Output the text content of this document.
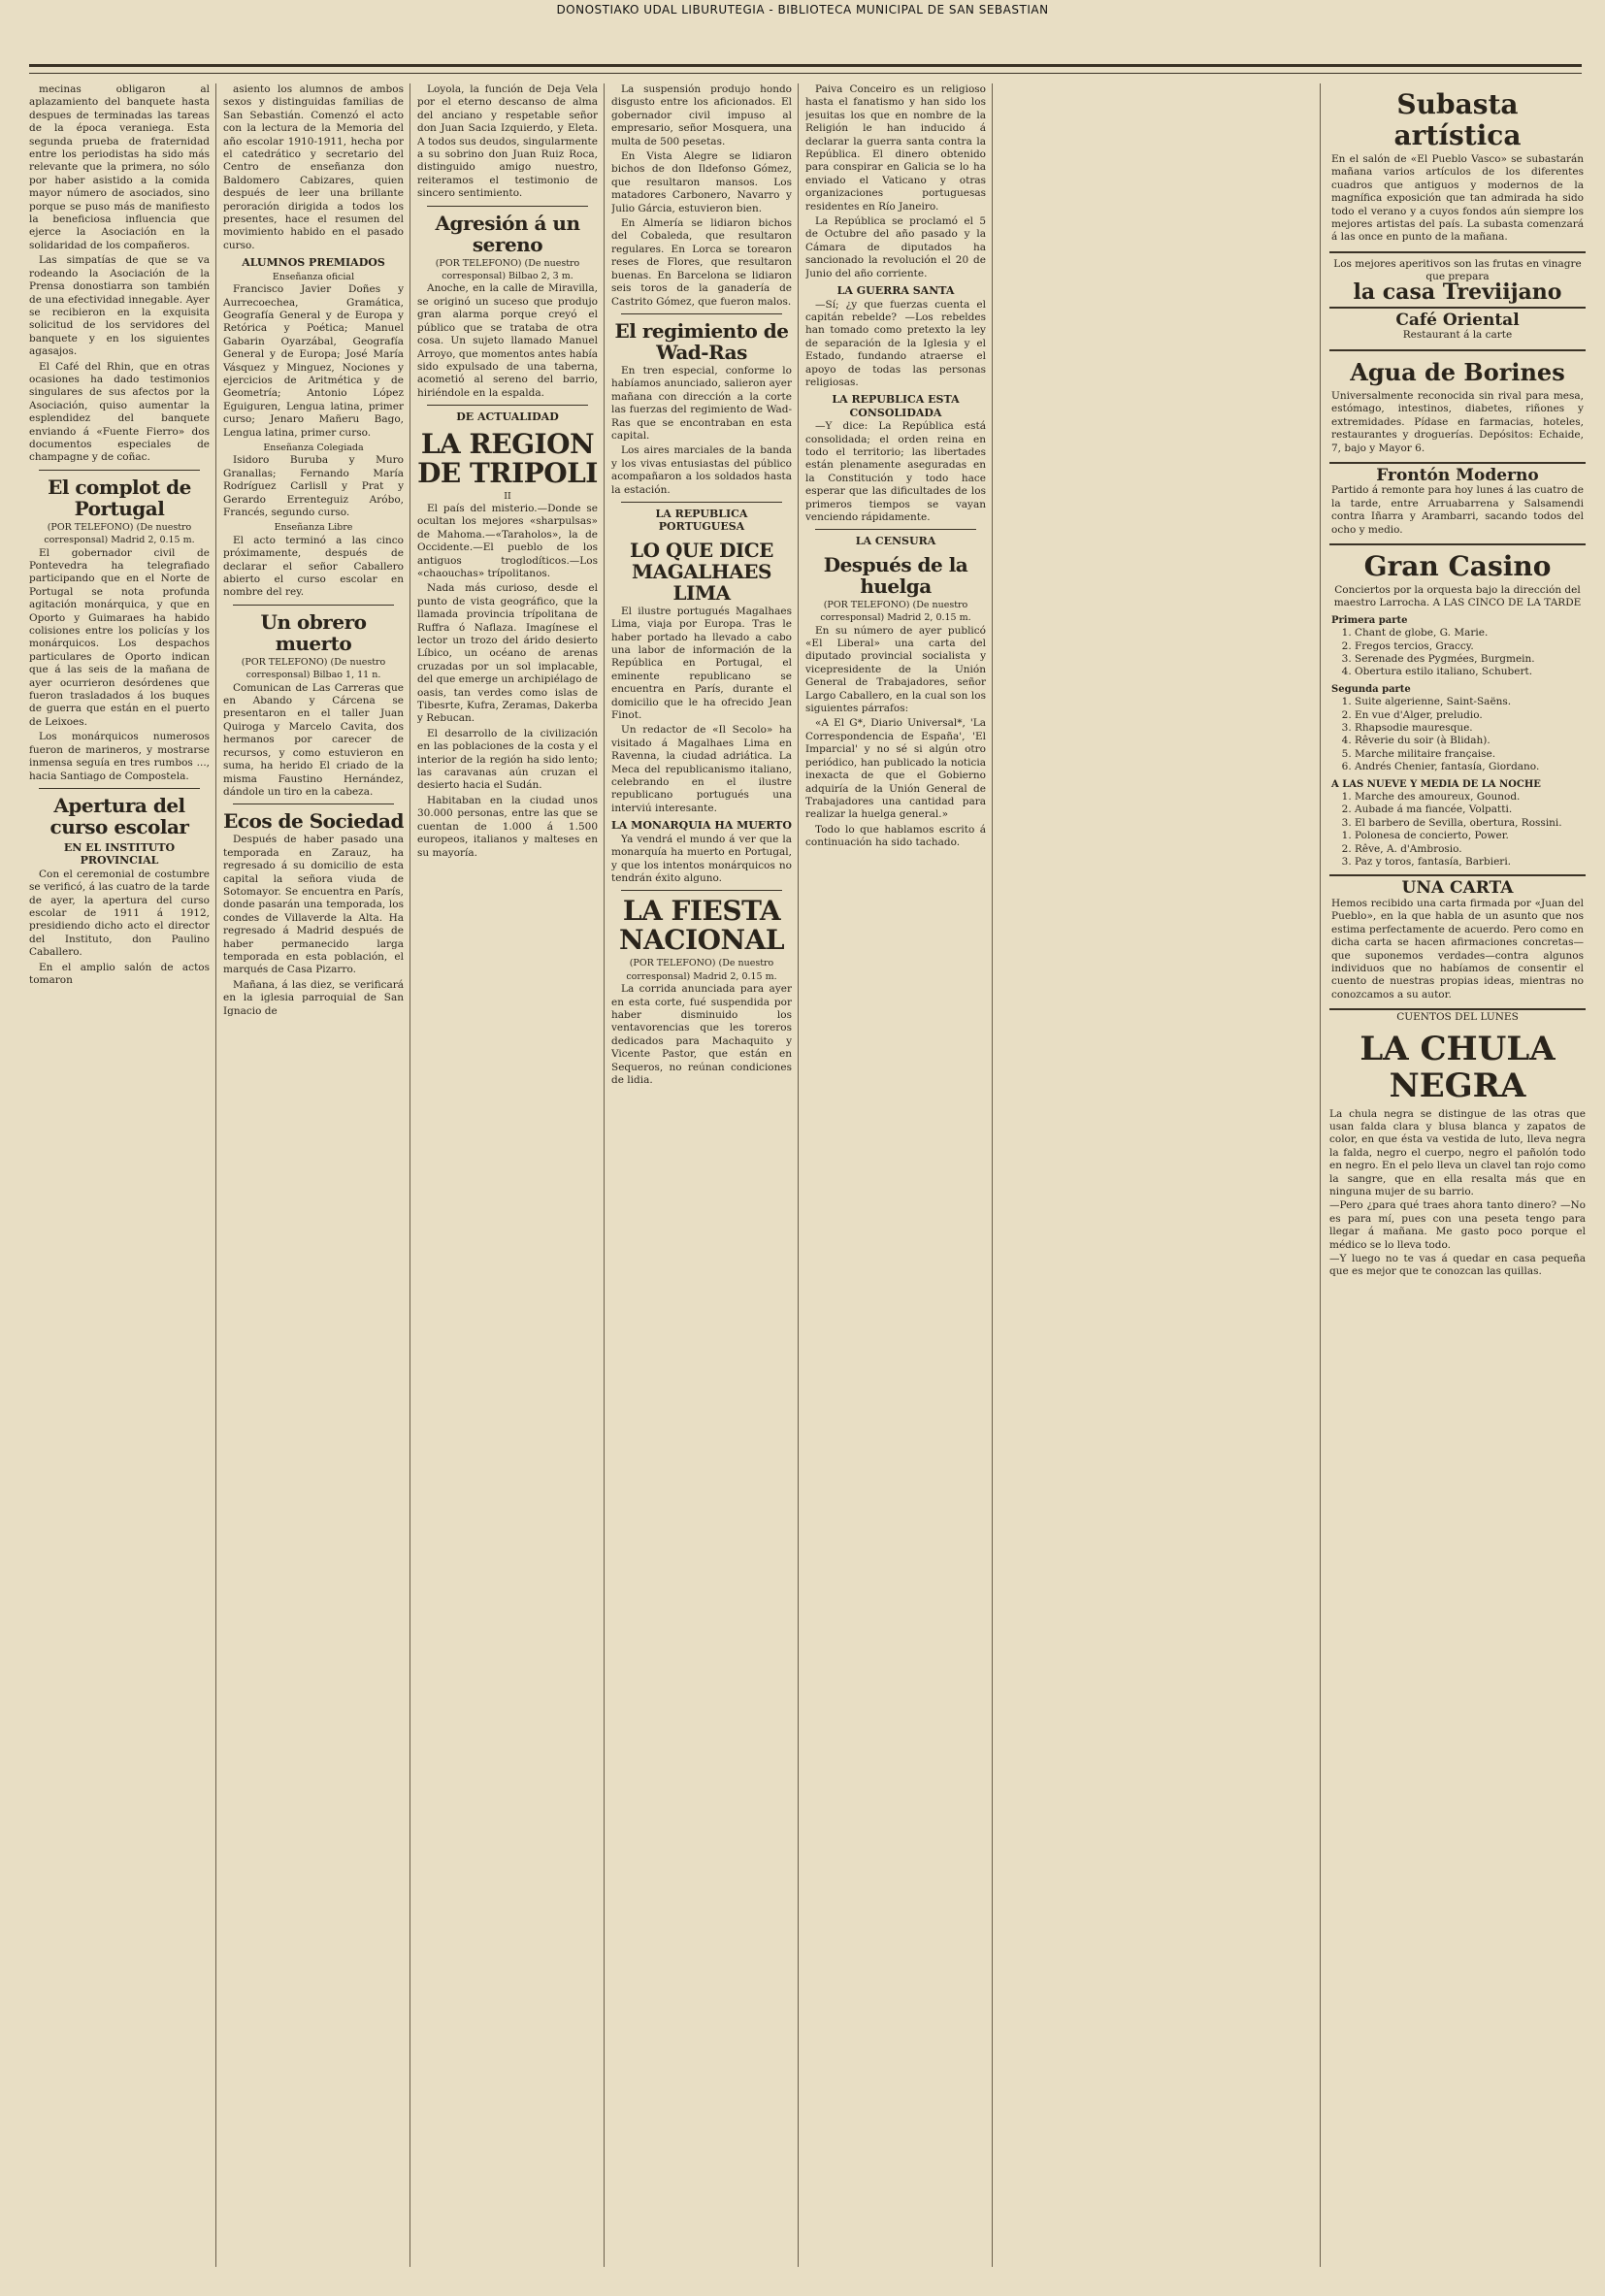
DONOSTIAKO UDAL LIBURUTEGIA - BIBLIOTECA MUNICIPAL DE SAN SEBASTIAN

mecinas obligaron al aplazamiento del banquete hasta despues de terminadas las tareas de la época veraniega. Esta segunda prueba de fraternidad entre los periodistas ha sido más relevante que la primera, no sólo por haber asistido a la comida mayor número de asociados, sino porque se puso más de manifiesto la beneficiosa influencia que ejerce la Asociación en la solidaridad de los compañeros.

Las simpatías de que se va rodeando la Asociación de la Prensa donostiarra son también de una efectividad innegable. Ayer se recibieron en la exquisita solicitud de los servidores del banquete y en los siguientes agasajos.

El Café del Rhin, que en otras ocasiones ha dado testimonios singulares de sus afectos por la Asociación, quiso aumentar la esplendidez del banquete enviando á «Fuente Fierro» dos documentos especiales de champagne y de coñac.

El complot de Portugal

(POR TELEFONO) (De nuestro corresponsal) Madrid 2, 0.15 m.

El gobernador civil de Pontevedra ha telegrafiado participando que en el Norte de Portugal se nota profunda agitación monárquica, y que en Oporto y Guimaraes ha habido colisiones entre los policías y los monárquicos. Los despachos particulares de Oporto indican que á las seis de la mañana de ayer ocurrieron desórdenes que fueron trasladados á los buques de guerra que están en el puerto de Leixoes.

Los monárquicos numerosos fueron de marineros, y mostrarse inmensa seguía en tres rumbos ..., hacia Santiago de Compostela.

Apertura del curso escolar
EN EL INSTITUTO PROVINCIAL

Con el ceremonial de costumbre se verificó, á las cuatro de la tarde de ayer, la apertura del curso escolar de 1911 á 1912, presidiendo dicho acto el director del Instituto, don Paulino Caballero.

En el amplio salón de actos tomaron

asiento los alumnos de ambos sexos y distinguidas familias de San Sebastián. Comenzó el acto con la lectura de la Memoria del año escolar 1910-1911, hecha por el catedrático y secretario del Centro de enseñanza don Baldomero Cabizares, quien después de leer una brillante peroración dirigida a todos los presentes, hace el resumen del movimiento habido en el pasado curso.

ALUMNOS PREMIADOS

Enseñanza oficial

Francisco Javier Doñes y Aurrecoechea, Gramática, Geografía General y de Europa y Retórica y Poética; Manuel Gabarin Oyarzábal, Geografía General y de Europa; José María Vásquez y Minguez, Nociones y ejercicios de Aritmética y de Geometría; Antonio López Eguiguren, Lengua latina, primer curso; Jenaro Mañeru Bago, Lengua latina, primer curso.

Enseñanza Colegiada

Isidoro Buruba y Muro Granallas; Fernando María Rodríguez Carlisll y Prat y Gerardo Errenteguiz Aróbo, Francés, segundo curso.

Enseñanza Libre

El acto terminó a las cinco próximamente, después de declarar el señor Caballero abierto el curso escolar en nombre del rey.

Un obrero muerto

(POR TELEFONO) (De nuestro corresponsal) Bilbao 1, 11 n.

Comunican de Las Carreras que en Abando y Cárcena se presentaron en el taller Juan Quiroga y Marcelo Cavita, dos hermanos por carecer de recursos, y como estuvieron en suma, ha herido El criado de la misma Faustino Hernández, dándole un tiro en la cabeza.

Ecos de Sociedad

Después de haber pasado una temporada en Zarauz, ha regresado á su domicilio de esta capital la señora viuda de Sotomayor. Se encuentra en París, donde pasarán una temporada, los condes de Villaverde la Alta. Ha regresado á Madrid después de haber permanecido larga temporada en esta población, el marqués de Casa Pizarro.

Mañana, á las diez, se verificará en la iglesia parroquial de San Ignacio de

Loyola, la función de Deja Vela por el eterno descanso de alma del anciano y respetable señor don Juan Sacia Izquierdo, y Eleta. A todos sus deudos, singularmente a su sobrino don Juan Ruiz Roca, distinguido amigo nuestro, reiteramos el testimonio de sincero sentimiento.

Agresión á un sereno

(POR TELEFONO) (De nuestro corresponsal) Bilbao 2, 3 m.

Anoche, en la calle de Miravilla, se originó un suceso que produjo gran alarma porque creyó el público que se trataba de otra cosa. Un sujeto llamado Manuel Arroyo, que momentos antes había sido expulsado de una taberna, acometió al sereno del barrio, hiriéndole en la espalda.

DE ACTUALIDAD
LA REGION DE TRIPOLI

II

El país del misterio.—Donde se ocultan los mejores «sharpulsas» de Mahoma.—«Taraholos», la de Occidente.—El pueblo de los antiguos troglodíticos.—Los «chaouchas» trípolitanos.

Nada más curioso, desde el punto de vista geográfico, que la llamada provincia trípolitana de Ruffra ó Naflaza. Imagínese el lector un trozo del árido desierto Líbico, un océano de arenas cruzadas por un sol implacable, del que emerge un archipiélago de oasis, tan verdes como islas de Tibesrte, Kufra, Zeramas, Dakerba y Rebucan.

El desarrollo de la civilización en las poblaciones de la costa y el interior de la región ha sido lento; las caravanas aún cruzan el desierto hacia el Sudán.

Habitaban en la ciudad unos 30.000 personas, entre las que se cuentan de 1.000 á 1.500 europeos, italianos y malteses en su mayoría.

La suspensión produjo hondo disgusto entre los aficionados. El gobernador civil impuso al empresario, señor Mosquera, una multa de 500 pesetas.

En Vista Alegre se lidiaron bichos de don Ildefonso Gómez, que resultaron mansos. Los matadores Carbonero, Navarro y Julio Gárcia, estuvieron bien.

En Almería se lidiaron bichos del Cobaleda, que resultaron regulares. En Lorca se torearon reses de Flores, que resultaron buenas. En Barcelona se lidiaron seis toros de la ganadería de Castrito Gómez, que fueron malos.

El regimiento de Wad-Ras

En tren especial, conforme lo habíamos anunciado, salieron ayer mañana con dirección a la corte las fuerzas del regimiento de Wad-Ras que se encontraban en esta capital.

Los aires marciales de la banda y los vivas entusiastas del público acompañaron a los soldados hasta la estación.

LA REPUBLICA PORTUGUESA
LO QUE DICE MAGALHAES LIMA

El ilustre portugués Magalhaes Lima, viaja por Europa. Tras le haber portado ha llevado a cabo una labor de información de la República en Portugal, el eminente republicano se encuentra en París, durante el domicilio que le ha ofrecido Jean Finot.

Un redactor de «Il Secolo» ha visitado á Magalhaes Lima en Ravenna, la ciudad adriática. La Meca del republicanismo italiano, celebrando en el ilustre republicano portugués una interviú interesante.

LA MONARQUIA HA MUERTO

Ya vendrá el mundo á ver que la monarquía ha muerto en Portugal, y que los intentos monárquicos no tendrán éxito alguno.

LA FIESTA NACIONAL

(POR TELEFONO) (De nuestro corresponsal) Madrid 2, 0.15 m.

La corrida anunciada para ayer en esta corte, fué suspendida por haber disminuido los ventavorencias que les toreros dedicados para Machaquito y Vicente Pastor, que están en Sequeros, no reúnan condiciones de lidia.

Paiva Conceiro es un religioso hasta el fanatismo y han sido los jesuitas los que en nombre de la Religión le han inducido á declarar la guerra santa contra la República. El dinero obtenido para conspirar en Galicia se lo ha enviado el Vaticano y otras organizaciones portuguesas residentes en Río Janeiro.

La República se proclamó el 5 de Octubre del año pasado y la Cámara de diputados ha sancionado la revolución el 20 de Junio del año corriente.

LA GUERRA SANTA

—Sí; ¿y que fuerzas cuenta el capitán rebelde? —Los rebeldes han tomado como pretexto la ley de separación de la Iglesia y el Estado, fundando atraerse el apoyo de todas las personas religiosas.

LA REPUBLICA ESTA CONSOLIDADA

—Y dice: La República está consolidada; el orden reina en todo el territorio; las libertades están plenamente aseguradas en la Constitución y todo hace esperar que las dificultades de los primeros tiempos se vayan venciendo rápidamente.

LA CENSURA
Después de la huelga

(POR TELEFONO) (De nuestro corresponsal) Madrid 2, 0.15 m.

En su número de ayer publicó «El Liberal» una carta del diputado provincial socialista y vicepresidente de la Unión General de Trabajadores, señor Largo Caballero, en la cual son los siguientes párrafos:

«A El G*, Diario Universal*, 'La Correspondencia de España', 'El Imparcial' y no sé si algún otro periódico, han publicado la noticia inexacta de que el Gobierno adquiría de la Unión General de Trabajadores una cantidad para realizar la huelga general.»

Todo lo que hablamos escrito á continuación ha sido tachado.

Subasta artística

En el salón de «El Pueblo Vasco» se subastarán mañana varios artículos de los diferentes cuadros que antiguos y modernos de la magnífica exposición que tan admirada ha sido todo el verano y a cuyos fondos aún siempre los mejores artistas del país. La subasta comenzará á las once en punto de la mañana.

Los mejores aperitivos son las frutas en vinagre que prepara

la casa Treviijano
Café Oriental

Restaurant á la carte

Agua de Borines

Universalmente reconocida sin rival para mesa, estómago, intestinos, diabetes, riñones y extremidades. Pídase en farmacias, hoteles, restaurantes y droguerías. Depósitos: Echaide, 7, bajo y Mayor 6.

Frontón Moderno

Partido á remonte para hoy lunes á las cuatro de la tarde, entre Arruabarrena y Salsamendi contra Iñarra y Arambarri, sacando todos del ocho y medio.

Gran Casino

Conciertos por la orquesta bajo la dirección del maestro Larrocha. A LAS CINCO DE LA TARDE

Primera parte
1. Chant de globe, G. Marie.
2. Fregos tercios, Graccy.
3. Serenade des Pygmées, Burgmein.
4. Obertura estilo italiano, Schubert.
Segunda parte
1. Suite algerienne, Saint-Saëns.
2. En vue d'Alger, preludio.
3. Rhapsodie mauresque.
4. Rêverie du soir (à Blidah).
5. Marche militaire française.
6. Andrés Chenier, fantasía, Giordano.
A LAS NUEVE Y MEDIA DE LA NOCHE
1. Marche des amoureux, Gounod.
2. Aubade á ma fiancée, Volpatti.
3. El barbero de Sevilla, obertura, Rossini.
1. Polonesa de concierto, Power.
2. Rêve, A. d'Ambrosio.
3. Paz y toros, fantasía, Barbieri.
UNA CARTA

Hemos recibido una carta firmada por «Juan del Pueblo», en la que habla de un asunto que nos estima perfectamente de acuerdo. Pero como en dicha carta se hacen afirmaciones concretas—que suponemos verdades—contra algunos individuos que no habíamos de consentir el cuento de nuestras propias ideas, mientras no conozcamos a su autor.

CUENTOS DEL LUNES

LA CHULA NEGRA

La chula negra se distingue de las otras que usan falda clara y blusa blanca y zapatos de color, en que ésta va vestida de luto, lleva negra la falda, negro el cuerpo, negro el pañolón todo en negro. En el pelo lleva un clavel tan rojo como la sangre, que en ella resalta más que en ninguna mujer de su barrio.

—Pero ¿para qué traes ahora tanto dinero? —No es para mí, pues con una peseta tengo para llegar á mañana. Me gasto poco porque el médico se lo lleva todo.

—Y luego no te vas á quedar en casa pequeña que es mejor que te conozcan las quillas.
